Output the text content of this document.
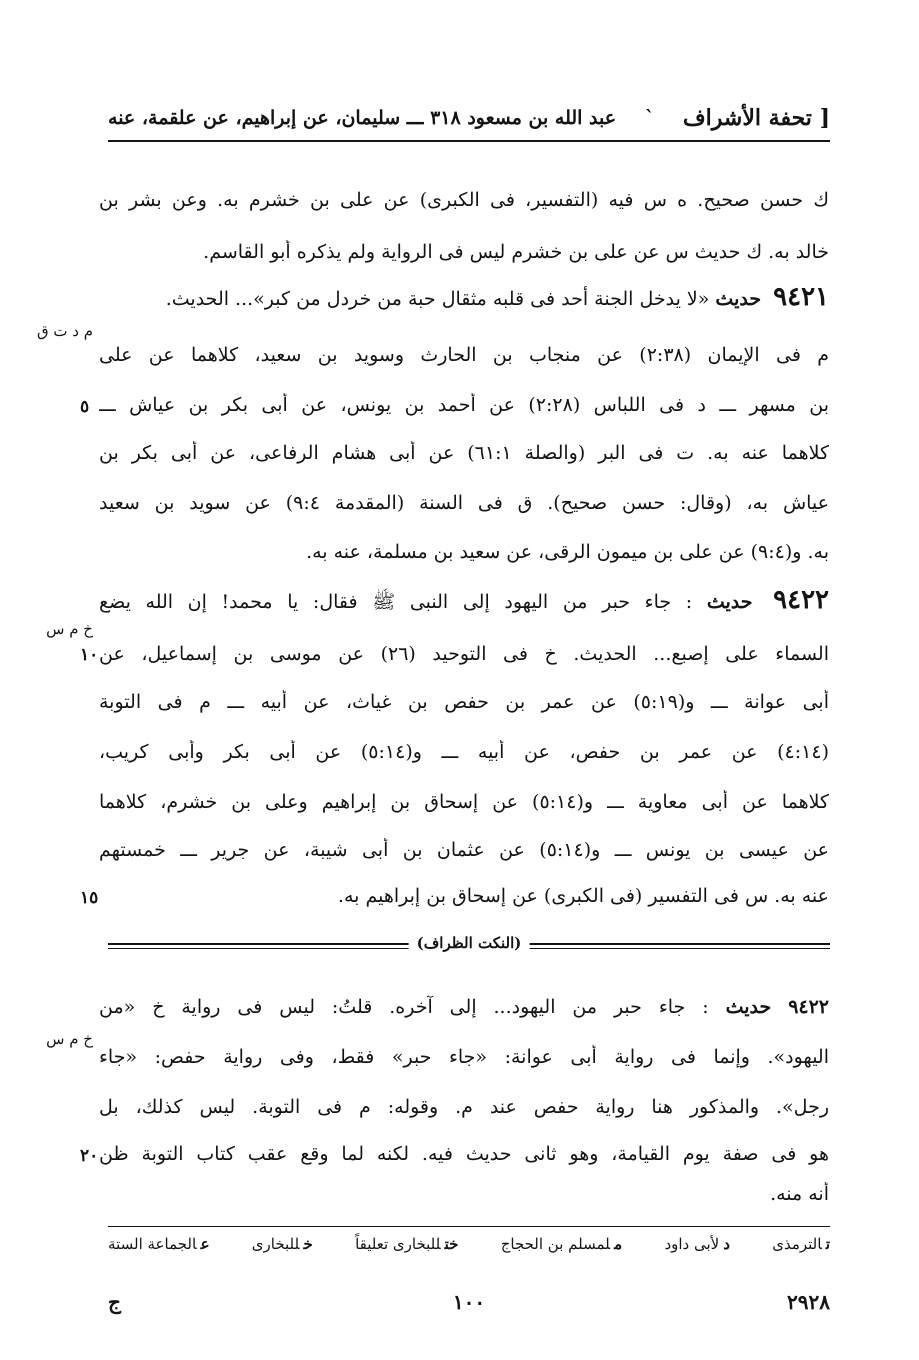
عبد الله بن مسعود ٣١٨ ـــ سليمان، عن إبراهيم، عن علقمة، عنه ˋ [ تحفة الأشراف
ك حسن صحيح. ه س فيه (التفسير، فى الكبرى) عن على بن خشرم به. وعن بشر بن
خالد به. ك حديث س عن على بن خشرم ليس فى الرواية ولم يذكره أبو القاسم.
٩٤٢١ حديث «لا يدخل الجنة أحد فى قلبه مثقال حبة من خردل من كبر»... الحديث.
م د ت ق
م فى الإيمان (٢:٣٨) عن منجاب بن الحارث وسويد بن سعيد، كلاهما عن على
بن مسهر ـــ د فى اللباس (٢:٢٨) عن أحمد بن يونس، عن أبى بكر بن عياش ـــ
كلاهما عنه به. ت فى البر (والصلة ٦١:١) عن أبى هشام الرفاعى، عن أبى بكر بن
عياش به، (وقال: حسن صحيح). ق فى السنة (المقدمة ٩:٤) عن سويد بن سعيد
به. و(٩:٤) عن على بن ميمون الرقى، عن سعيد بن مسلمة، عنه به.
٩٤٢٢ حديث : جاء حبر من اليهود إلى النبى ﷺ فقال: يا محمد! إن الله يضع
خ م س
السماء على إصبع... الحديث. خ فى التوحيد (٢٦) عن موسى بن إسماعيل، عن
أبى عوانة ـــ و(٥:١٩) عن عمر بن حفص بن غياث، عن أبيه ـــ م فى التوبة
(٤:١٤) عن عمر بن حفص، عن أبيه ـــ و(٥:١٤) عن أبى بكر وأبى كريب،
كلاهما عن أبى معاوية ـــ و(٥:١٤) عن إسحاق بن إبراهيم وعلى بن خشرم، كلاهما
عن عيسى بن يونس ـــ و(٥:١٤) عن عثمان بن أبى شيبة، عن جرير ـــ خمستهم
عنه به. س فى التفسير (فى الكبرى) عن إسحاق بن إبراهيم به.
٥
١٠
١٥
(النكت الظراف)
٩٤٢٢ حديث : جاء حبر من اليهود... إلى آخره. قلتُ: ليس فى رواية خ «من
خ م س
اليهود». وإنما فى رواية أبى عوانة: «جاء حبر» فقط، وفى رواية حفص: «جاء
رجل». والمذكور هنا رواية حفص عند م. وقوله: م فى التوبة. ليس كذلك، بل
هو فى صفة يوم القيامة، وهو ثانى حديث فيه. لكنه لما وقع عقب كتاب التوبة ظن
أنه منه.
٢٠
عالجماعة الستة	خللبخارى	ختللبخارى تعليقاً	ملمسلم بن الحجاج	دلأبى داود	تالترمذى
٢٩٢٨
١٠٠
ج
